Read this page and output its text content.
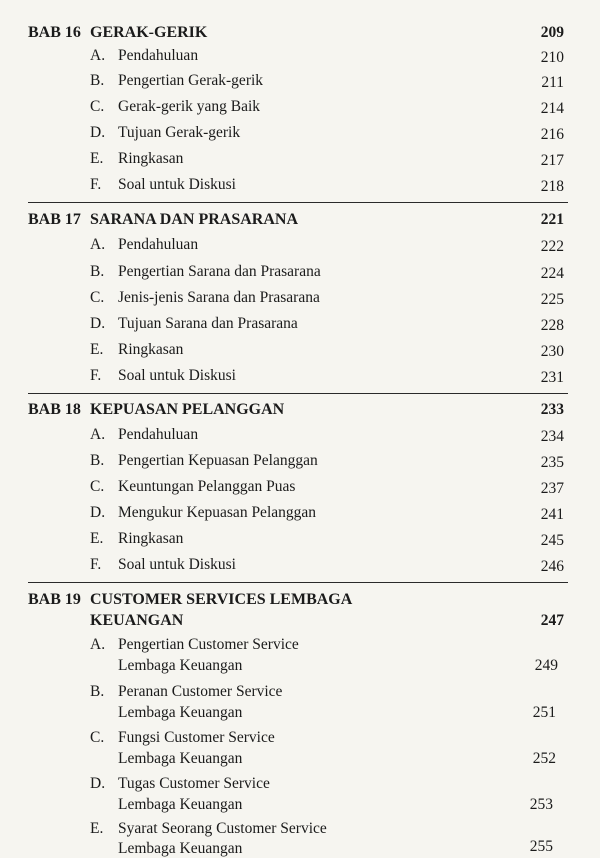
BAB 16 GERAK-GERIK	209
A. Pendahuluan	210
B. Pengertian Gerak-gerik	211
C. Gerak-gerik yang Baik	214
D. Tujuan Gerak-gerik	216
E. Ringkasan	217
F. Soal untuk Diskusi	218
BAB 17 SARANA DAN PRASARANA	221
A. Pendahuluan	222
B. Pengertian Sarana dan Prasarana	224
C. Jenis-jenis Sarana dan Prasarana	225
D. Tujuan Sarana dan Prasarana	228
E. Ringkasan	230
F. Soal untuk Diskusi	231
BAB 18 KEPUASAN PELANGGAN	233
A. Pendahuluan	234
B. Pengertian Kepuasan Pelanggan	235
C. Keuntungan Pelanggan Puas	237
D. Mengukur Kepuasan Pelanggan	241
E. Ringkasan	245
F. Soal untuk Diskusi	246
BAB 19 CUSTOMER SERVICES LEMBAGA
KEUANGAN	247
A. Pengertian Customer Service
Lembaga Keuangan	249
B. Peranan Customer Service
Lembaga Keuangan	251
C. Fungsi Customer Service
Lembaga Keuangan	252
D. Tugas Customer Service
Lembaga Keuangan	253
E. Syarat Seorang Customer Service
Lembaga Keuangan	255
